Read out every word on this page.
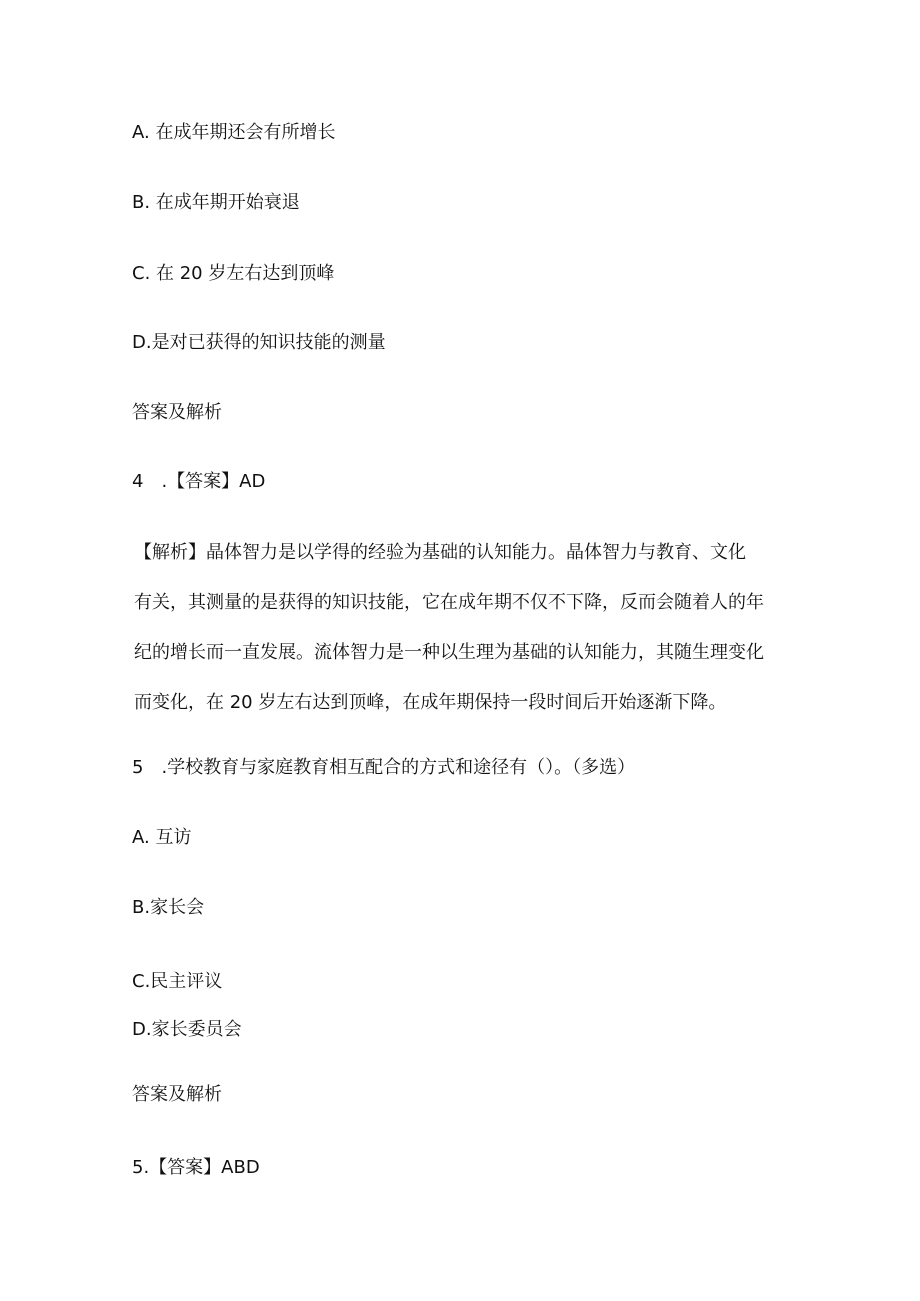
A. 在成年期还会有所增长
B. 在成年期开始衰退
C. 在 20 岁左右达到顶峰
D.是对已获得的知识技能的测量
答案及解析
4　.【答案】AD
【解析】晶体智力是以学得的经验为基础的认知能力。晶体智力与教育、文化
有关，其测量的是获得的知识技能，它在成年期不仅不下降，反而会随着人的年
纪的增长而一直发展。流体智力是一种以生理为基础的认知能力，其随生理变化
而变化，在 20 岁左右达到顶峰，在成年期保持一段时间后开始逐渐下降。
5　.学校教育与家庭教育相互配合的方式和途径有（）。（多选）
A. 互访
B.家长会
C.民主评议
D.家长委员会
答案及解析
5.【答案】ABD
